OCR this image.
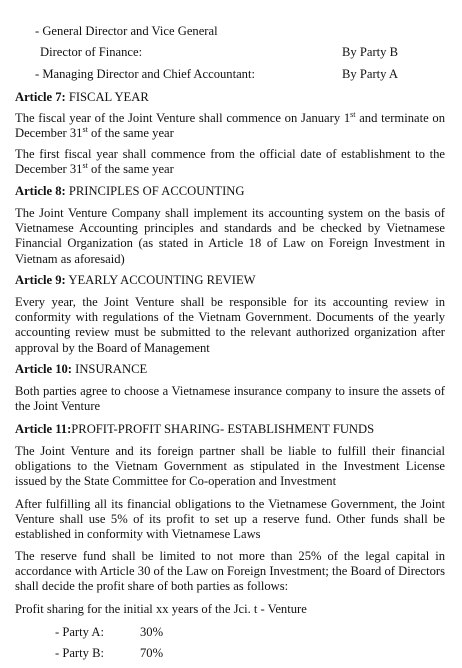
- General Director and Vice General
Director of Finance:	By Party B
- Managing Director and Chief Accountant:	By Party A
Article 7: FISCAL YEAR
The fiscal year of the Joint Venture shall commence on January 1st and terminate on December 31st of the same year
The first fiscal year shall commence from the official date of establishment to the December 31st of the same year
Article 8: PRINCIPLES OF ACCOUNTING
The Joint Venture Company shall implement its accounting system on the basis of Vietnamese Accounting principles and standards and be checked by Vietnamese Financial Organization (as stated in Article 18 of Law on Foreign Investment in Vietnam as aforesaid)
Article 9: YEARLY ACCOUNTING REVIEW
Every year, the Joint Venture shall be responsible for its accounting review in conformity with regulations of the Vietnam Government. Documents of the yearly accounting review must be submitted to the relevant authorized organization after approval by the Board of Management
Article 10: INSURANCE
Both parties agree to choose a Vietnamese insurance company to insure the assets of the Joint Venture
Article 11:PROFIT-PROFIT SHARING- ESTABLISHMENT FUNDS
The Joint Venture and its foreign partner shall be liable to fulfill their financial obligations to the Vietnam Government as stipulated in the Investment License issued by the State Committee for Co-operation and Investment
After fulfilling all its financial obligations to the Vietnamese Government, the Joint Venture shall use 5% of its profit to set up a reserve fund. Other funds shall be established in conformity with Vietnamese Laws
The reserve fund shall be limited to not more than 25% of the legal capital in accordance with Article 30 of the Law on Foreign Investment; the Board of Directors shall decide the profit share of both parties as follows:
Profit sharing for the initial xx years of the Jci. t - Venture
- Party A:	30%
- Party B:	70%
